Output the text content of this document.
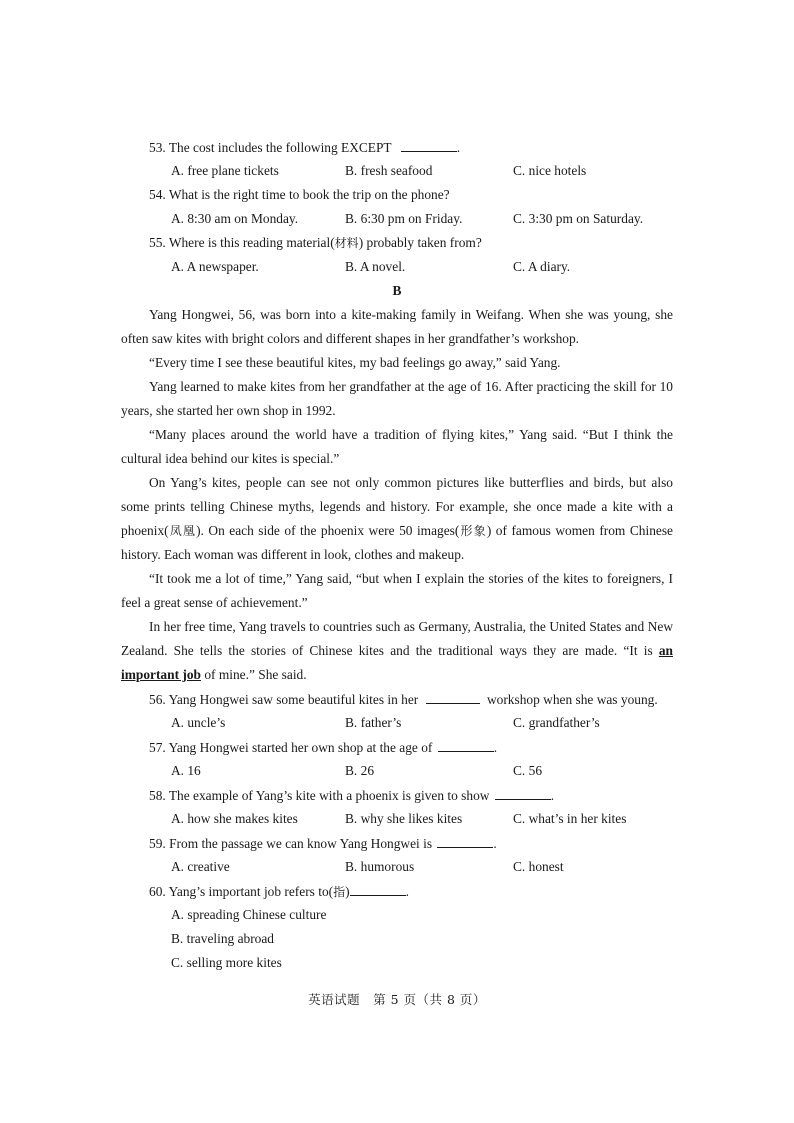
53. The cost includes the following EXCEPT	.
A. free plane tickets	B. fresh seafood	C. nice hotels
54. What is the right time to book the trip on the phone?
A. 8:30 am on Monday.	B. 6:30 pm on Friday.	C. 3:30 pm on Saturday.
55. Where is this reading material(材料) probably taken from?
A. A newspaper.	B. A novel.	C. A diary.
B
Yang Hongwei, 56, was born into a kite-making family in Weifang. When she was young, she often saw kites with bright colors and different shapes in her grandfather’s workshop.
“Every time I see these beautiful kites, my bad feelings go away,” said Yang.
Yang learned to make kites from her grandfather at the age of 16. After practicing the skill for 10 years, she started her own shop in 1992.
“Many places around the world have a tradition of flying kites,” Yang said. “But I think the cultural idea behind our kites is special.”
On Yang’s kites, people can see not only common pictures like butterflies and birds, but also some prints telling Chinese myths, legends and history. For example, she once made a kite with a phoenix(凤凰). On each side of the phoenix were 50 images(形象) of famous women from Chinese history. Each woman was different in look, clothes and makeup.
“It took me a lot of time,” Yang said, “but when I explain the stories of the kites to foreigners, I feel a great sense of achievement.”
In her free time, Yang travels to countries such as Germany, Australia, the United States and New Zealand. She tells the stories of Chinese kites and the traditional ways they are made. “It is an important job of mine.” She said.
56. Yang Hongwei saw some beautiful kites in her	workshop when she was young.
A. uncle’s	B. father’s	C. grandfather’s
57. Yang Hongwei started her own shop at the age of	.
A. 16	B. 26	C. 56
58. The example of Yang’s kite with a phoenix is given to show	.
A. how she makes kites	B. why she likes kites	C. what’s in her kites
59. From the passage we can know Yang Hongwei is	.
A. creative	B. humorous	C. honest
60. Yang’s important job refers to(指)	.
A. spreading Chinese culture
B. traveling abroad
C. selling more kites
英语试题　第 5 页（共 8 页）
